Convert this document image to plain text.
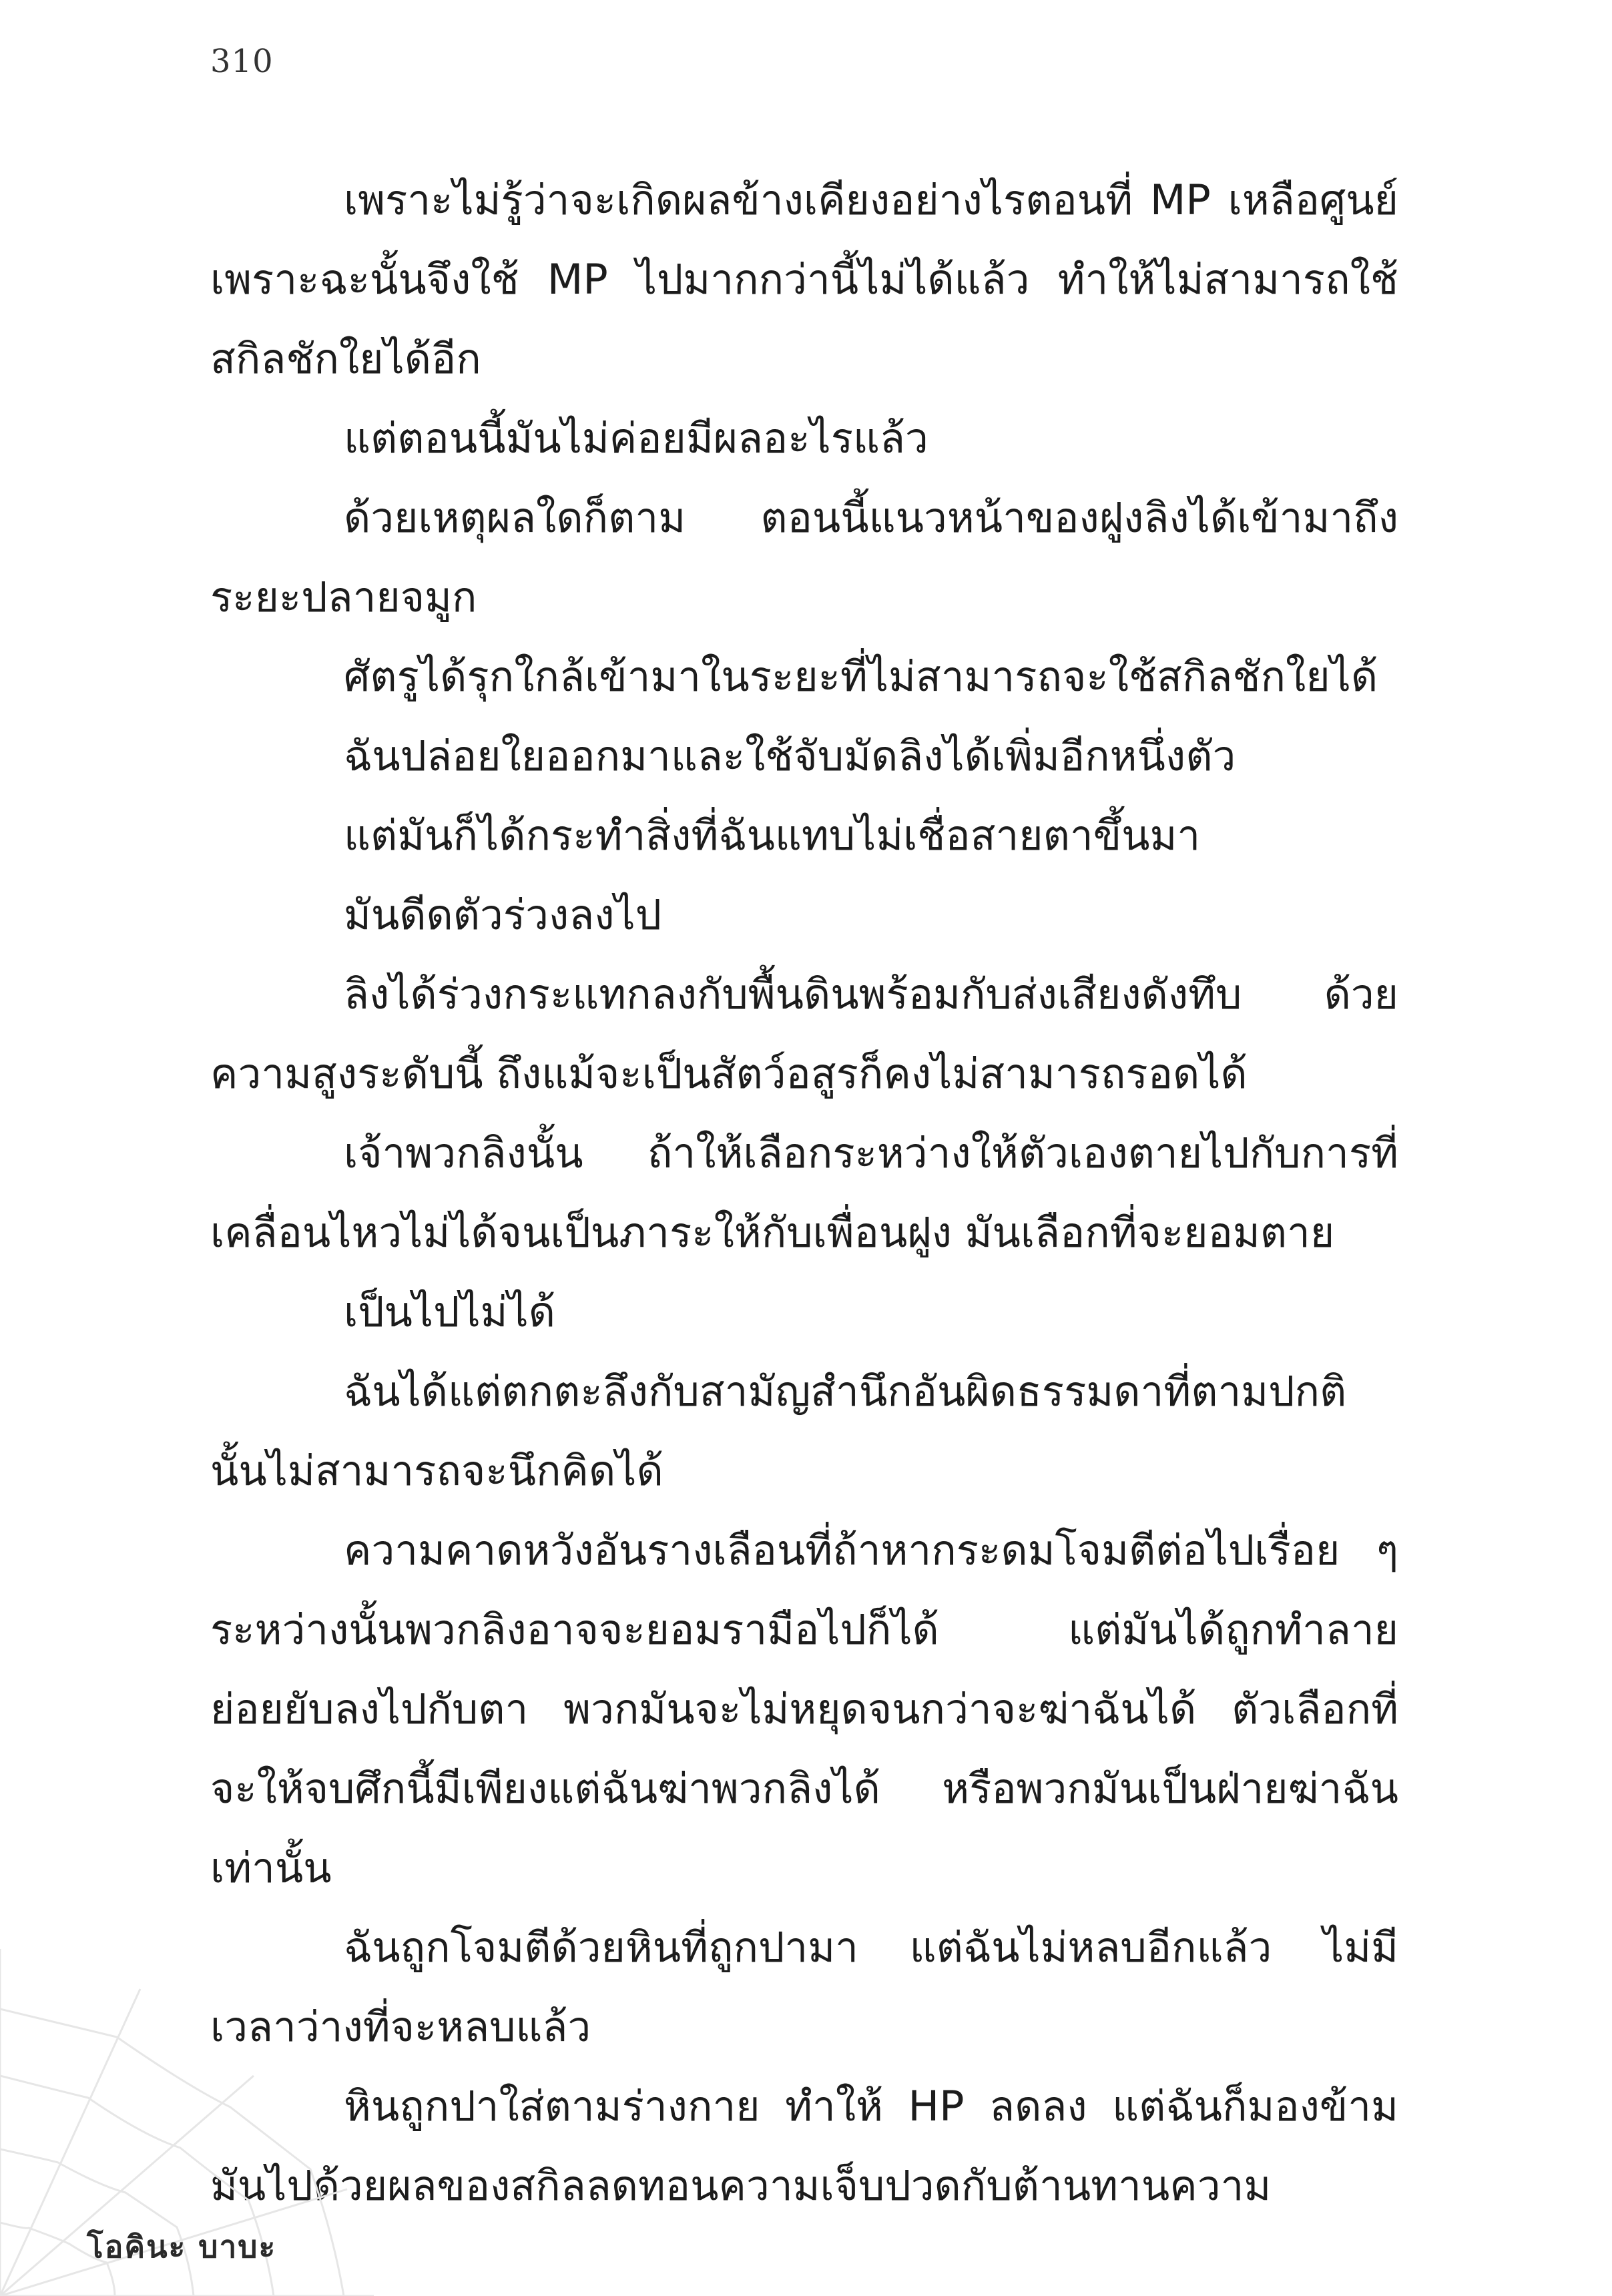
310

เพราะไม่รู้ว่าจะเกิดผลข้างเคียงอย่างไรตอนที่ MP เหลือศูนย์ เพราะฉะนั้นจึงใช้ MP ไปมากกว่านี้ไม่ได้แล้ว ทำให้ไม่สามารถใช้สกิลชักใยได้อีก

แต่ตอนนี้มันไม่ค่อยมีผลอะไรแล้ว

ด้วยเหตุผลใดก็ตาม ตอนนี้แนวหน้าของฝูงลิงได้เข้ามาถึงระยะปลายจมูก

ศัตรูได้รุกใกล้เข้ามาในระยะที่ไม่สามารถจะใช้สกิลชักใยได้

ฉันปล่อยใยออกมาและใช้จับมัดลิงได้เพิ่มอีกหนึ่งตัว

แต่มันก็ได้กระทำสิ่งที่ฉันแทบไม่เชื่อสายตาขึ้นมา

มันดีดตัวร่วงลงไป

ลิงได้ร่วงกระแทกลงกับพื้นดินพร้อมกับส่งเสียงดังทึบ ด้วยความสูงระดับนี้ ถึงแม้จะเป็นสัตว์อสูรก็คงไม่สามารถรอดได้

เจ้าพวกลิงนั้น ถ้าให้เลือกระหว่างให้ตัวเองตายไปกับการที่เคลื่อนไหวไม่ได้จนเป็นภาระให้กับเพื่อนฝูง มันเลือกที่จะยอมตาย

เป็นไปไม่ได้

ฉันได้แต่ตกตะลึงกับสามัญสำนึกอันผิดธรรมดาที่ตามปกตินั้นไม่สามารถจะนึกคิดได้

ความคาดหวังอันรางเลือนที่ถ้าหากระดมโจมตีต่อไปเรื่อย ๆ ระหว่างนั้นพวกลิงอาจจะยอมรามือไปก็ได้ แต่มันได้ถูกทำลายย่อยยับลงไปกับตา พวกมันจะไม่หยุดจนกว่าจะฆ่าฉันได้ ตัวเลือกที่จะให้จบศึกนี้มีเพียงแต่ฉันฆ่าพวกลิงได้ หรือพวกมันเป็นฝ่ายฆ่าฉันเท่านั้น

ฉันถูกโจมตีด้วยหินที่ถูกปามา แต่ฉันไม่หลบอีกแล้ว ไม่มีเวลาว่างที่จะหลบแล้ว

หินถูกปาใส่ตามร่างกาย ทำให้ HP ลดลง แต่ฉันก็มองข้ามมันไปด้วยผลของสกิลลดทอนความเจ็บปวดกับต้านทานความ

โอคินะ บาบะ
